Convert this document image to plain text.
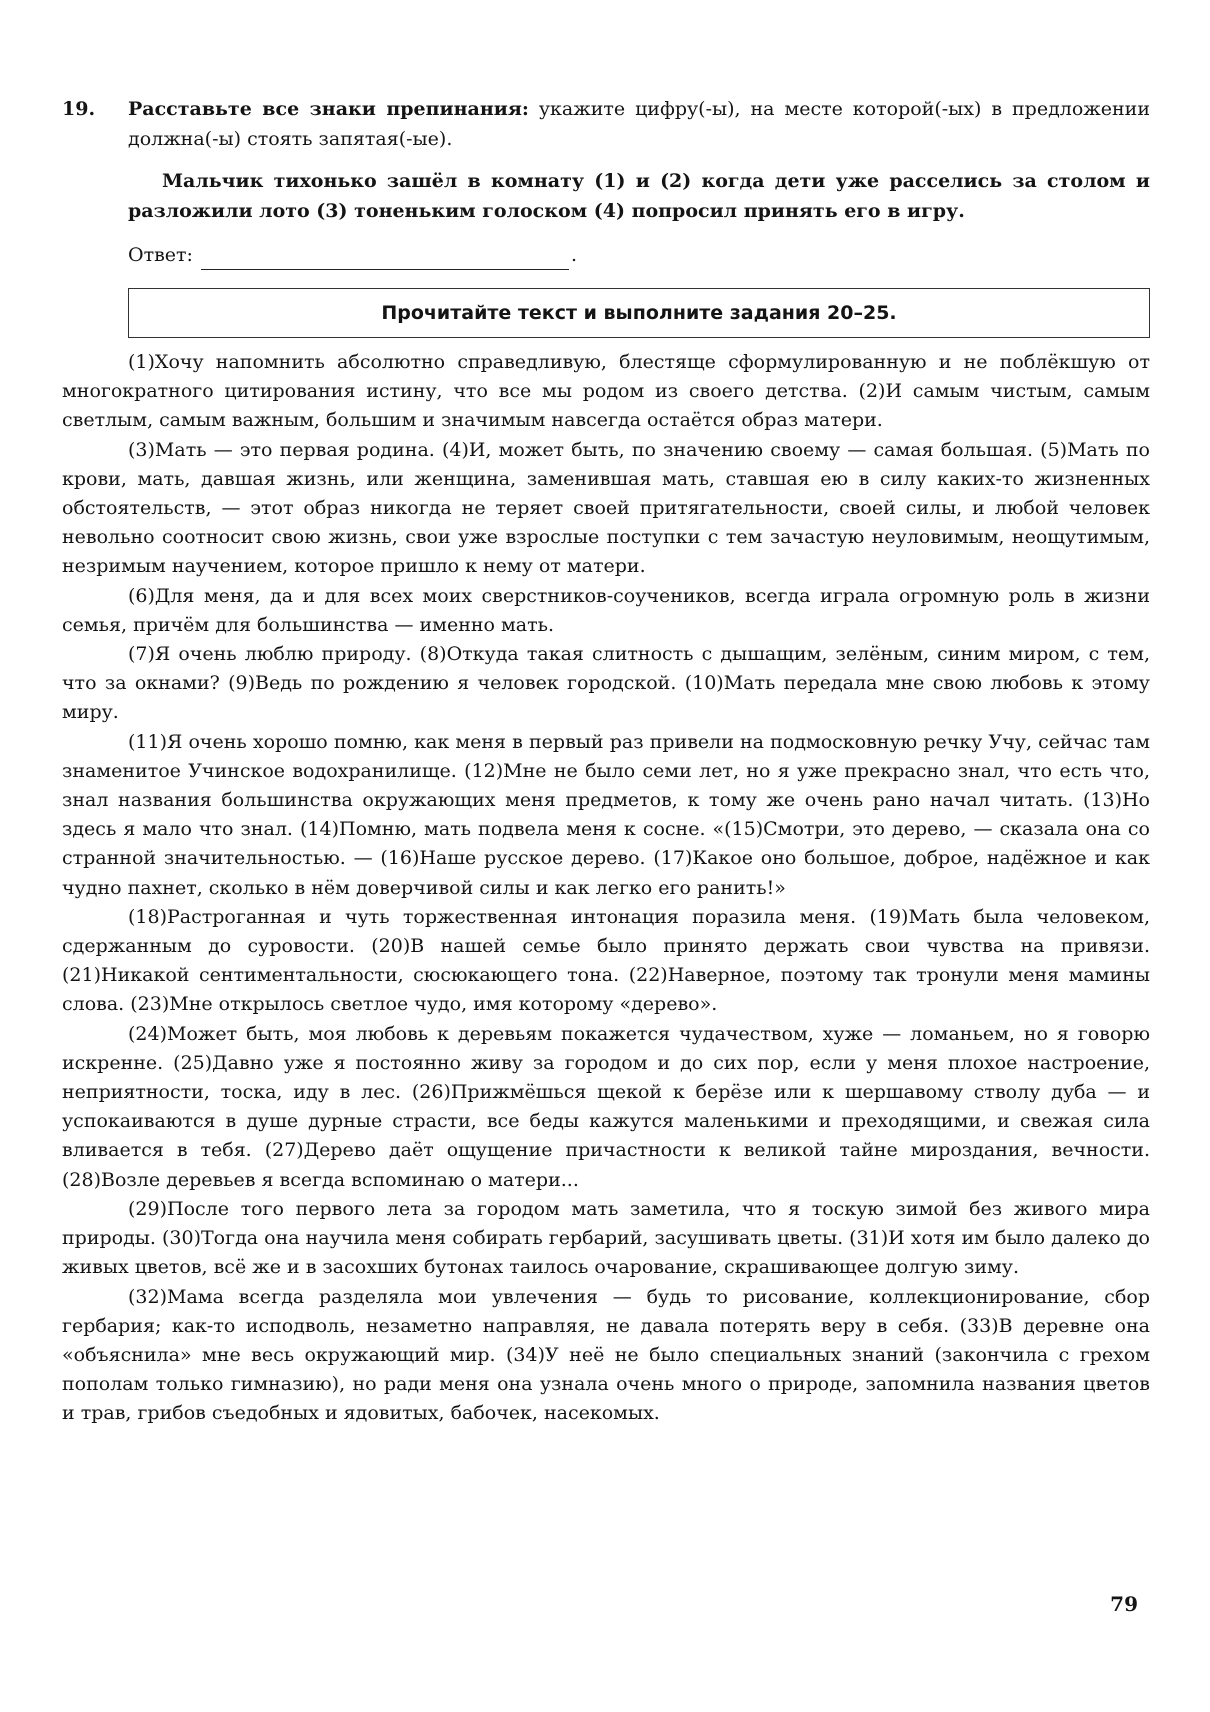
19. Расставьте все знаки препинания: укажите цифру(-ы), на месте которой(-ых) в предложении должна(-ы) стоять запятая(-ые).

Мальчик тихонько зашёл в комнату (1) и (2) когда дети уже расселись за столом и разложили лото (3) тоненьким голоском (4) попросил принять его в игру.

Ответ:	.
Прочитайте текст и выполните задания 20–25.

(1)Хочу напомнить абсолютно справедливую, блестяще сформулированную и не поблёкшую от многократного цитирования истину, что все мы родом из своего детства. (2)И самым чистым, самым светлым, самым важным, большим и значимым навсегда остаётся образ матери.

(3)Мать — это первая родина. (4)И, может быть, по значению своему — самая большая. (5)Мать по крови, мать, давшая жизнь, или женщина, заменившая мать, ставшая ею в силу каких-то жизненных обстоятельств, — этот образ никогда не теряет своей притягательности, своей силы, и любой человек невольно соотносит свою жизнь, свои уже взрослые поступки с тем зачастую неуловимым, неощутимым, незримым научением, которое пришло к нему от матери.

(6)Для меня, да и для всех моих сверстников-соучеников, всегда играла огромную роль в жизни семья, причём для большинства — именно мать.

(7)Я очень люблю природу. (8)Откуда такая слитность с дышащим, зелёным, синим миром, с тем, что за окнами? (9)Ведь по рождению я человек городской. (10)Мать передала мне свою любовь к этому миру.

(11)Я очень хорошо помню, как меня в первый раз привели на подмосковную речку Учу, сейчас там знаменитое Учинское водохранилище. (12)Мне не было семи лет, но я уже прекрасно знал, что есть что, знал названия большинства окружающих меня предметов, к тому же очень рано начал читать. (13)Но здесь я мало что знал. (14)Помню, мать подвела меня к сосне. «(15)Смотри, это дерево, — сказала она со странной значительностью. — (16)Наше русское дерево. (17)Какое оно большое, доброе, надёжное и как чудно пахнет, сколько в нём доверчивой силы и как легко его ранить!»

(18)Растроганная и чуть торжественная интонация поразила меня. (19)Мать была человеком, сдержанным до суровости. (20)В нашей семье было принято держать свои чувства на привязи. (21)Никакой сентиментальности, сюсюкающего тона. (22)Наверное, поэтому так тронули меня мамины слова. (23)Мне открылось светлое чудо, имя которому «дерево».

(24)Может быть, моя любовь к деревьям покажется чудачеством, хуже — ломаньем, но я говорю искренне. (25)Давно уже я постоянно живу за городом и до сих пор, если у меня плохое настроение, неприятности, тоска, иду в лес. (26)Прижмёшься щекой к берёзе или к шершавому стволу дуба — и успокаиваются в душе дурные страсти, все беды кажутся маленькими и преходящими, и свежая сила вливается в тебя. (27)Дерево даёт ощущение причастности к великой тайне мироздания, вечности. (28)Возле деревьев я всегда вспоминаю о матери...

(29)После того первого лета за городом мать заметила, что я тоскую зимой без живого мира природы. (30)Тогда она научила меня собирать гербарий, засушивать цветы. (31)И хотя им было далеко до живых цветов, всё же и в засохших бутонах таилось очарование, скрашивающее долгую зиму.

(32)Мама всегда разделяла мои увлечения — будь то рисование, коллекционирование, сбор гербария; как-то исподволь, незаметно направляя, не давала потерять веру в себя. (33)В деревне она «объяснила» мне весь окружающий мир. (34)У неё не было специальных знаний (закончила с грехом пополам только гимназию), но ради меня она узнала очень много о природе, запомнила названия цветов и трав, грибов съедобных и ядовитых, бабочек, насекомых.

79
